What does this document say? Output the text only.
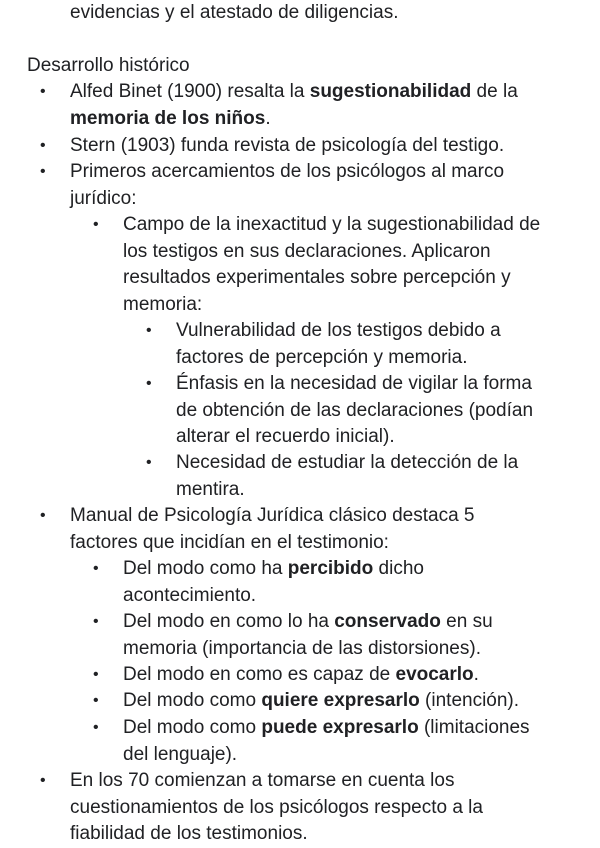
evidencias y el atestado de diligencias.
Desarrollo histórico
• Alfed Binet (1900) resalta la sugestionabilidad de la
memoria de los niños.
• Stern (1903) funda revista de psicología del testigo.
• Primeros acercamientos de los psicólogos al marco
jurídico:
• Campo de la inexactitud y la sugestionabilidad de
los testigos en sus declaraciones. Aplicaron
resultados experimentales sobre percepción y
memoria:
• Vulnerabilidad de los testigos debido a
factores de percepción y memoria.
• Énfasis en la necesidad de vigilar la forma
de obtención de las declaraciones (podían
alterar el recuerdo inicial).
• Necesidad de estudiar la detección de la
mentira.
• Manual de Psicología Jurídica clásico destaca 5
factores que incidían en el testimonio:
• Del modo como ha percibido dicho
acontecimiento.
• Del modo en como lo ha conservado en su
memoria (importancia de las distorsiones).
• Del modo en como es capaz de evocarlo.
• Del modo como quiere expresarlo (intención).
• Del modo como puede expresarlo (limitaciones
del lenguaje).
• En los 70 comienzan a tomarse en cuenta los
cuestionamientos de los psicólogos respecto a la
fiabilidad de los testimonios.
